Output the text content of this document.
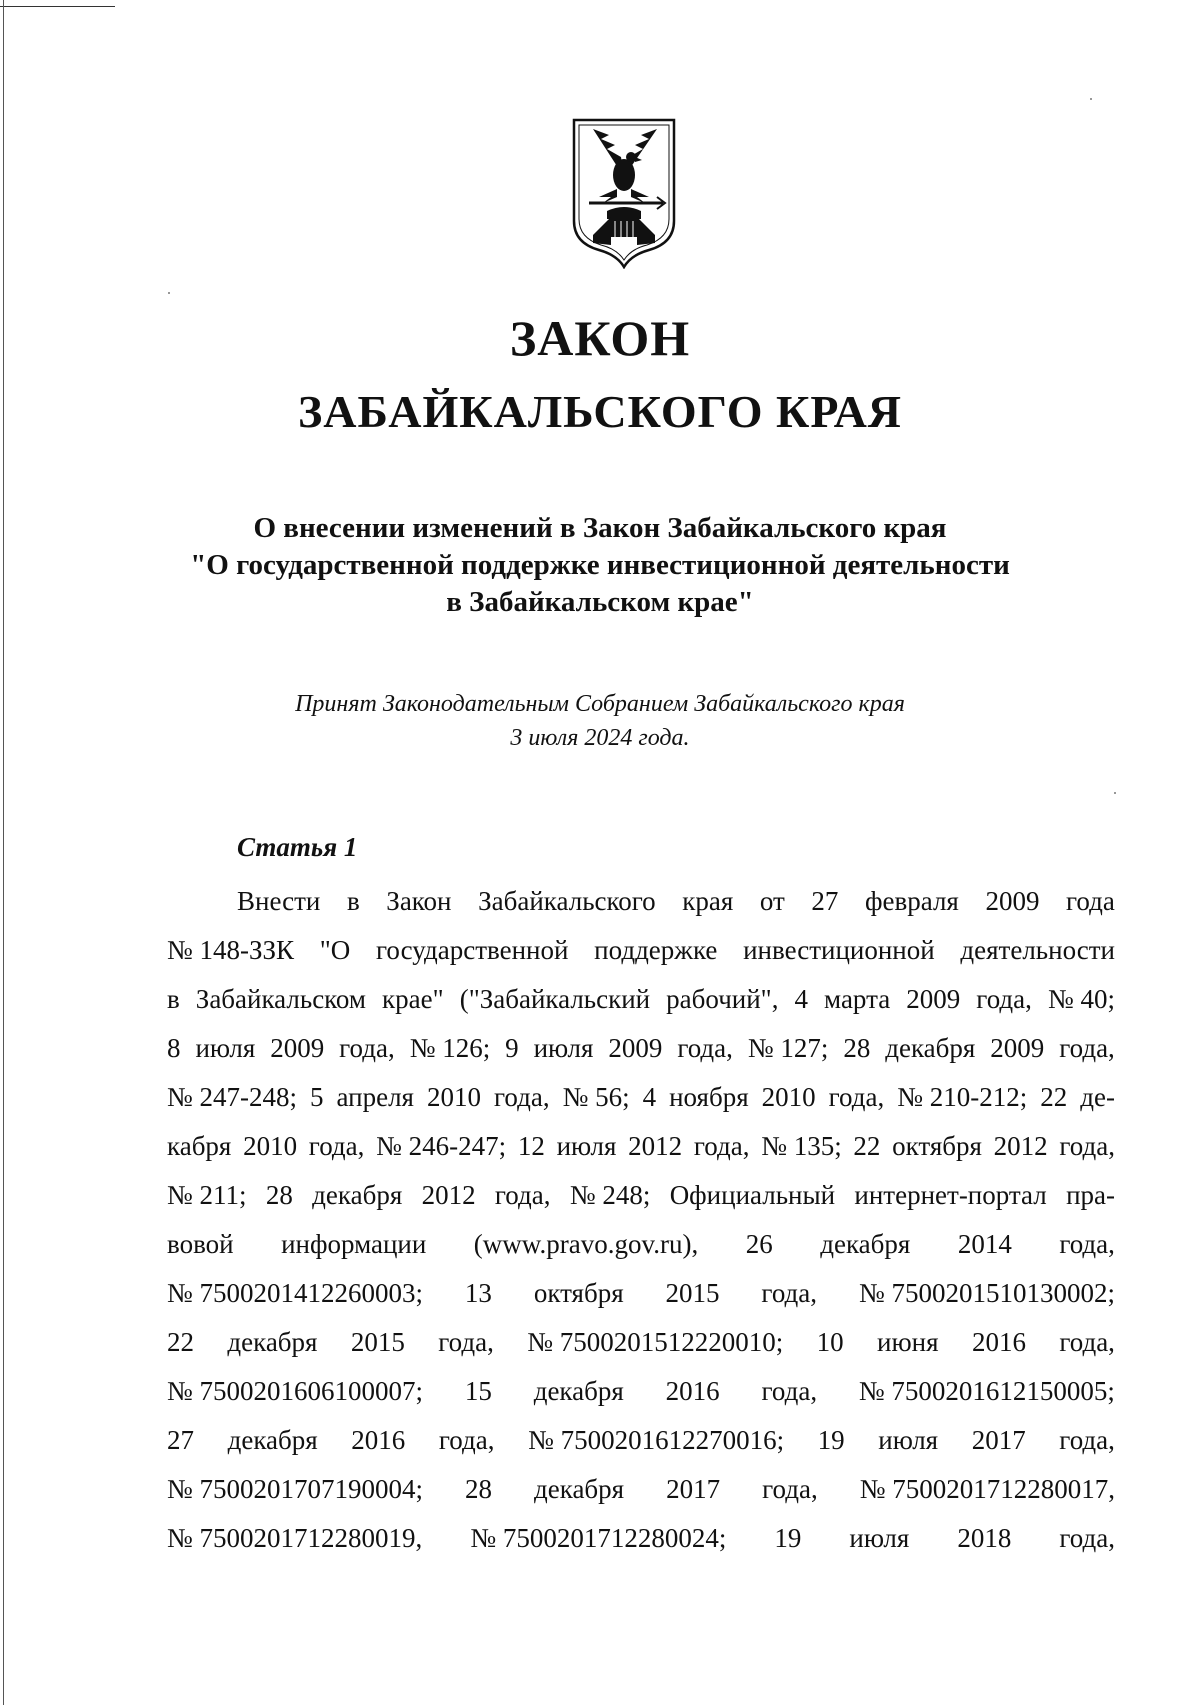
ЗАКОН
ЗАБАЙКАЛЬСКОГО КРАЯ
О внесении изменений в Закон Забайкальского края
"О государственной поддержке инвестиционной деятельности
в Забайкальском крае"
Принят Законодательным Собранием Забайкальского края
3 июля 2024 года.
Статья 1
Внести в Закон Забайкальского края от 27 февраля 2009 года
№ 148-ЗЗК "О государственной поддержке инвестиционной деятельности
в Забайкальском крае" ("Забайкальский рабочий", 4 марта 2009 года, № 40;
8 июля 2009 года, № 126; 9 июля 2009 года, № 127; 28 декабря 2009 года,
№ 247-248; 5 апреля 2010 года, № 56; 4 ноября 2010 года, № 210-212; 22 де-
кабря 2010 года, № 246-247; 12 июля 2012 года, № 135; 22 октября 2012 года,
№ 211; 28 декабря 2012 года, № 248; Официальный интернет-портал пра-
вовой информации (www.pravo.gov.ru), 26 декабря 2014 года,
№ 7500201412260003; 13 октября 2015 года, № 7500201510130002;
22 декабря 2015 года, № 7500201512220010; 10 июня 2016 года,
№ 7500201606100007; 15 декабря 2016 года, № 7500201612150005;
27 декабря 2016 года, № 7500201612270016; 19 июля 2017 года,
№ 7500201707190004; 28 декабря 2017 года, № 7500201712280017,
№ 7500201712280019, № 7500201712280024; 19 июля 2018 года,
